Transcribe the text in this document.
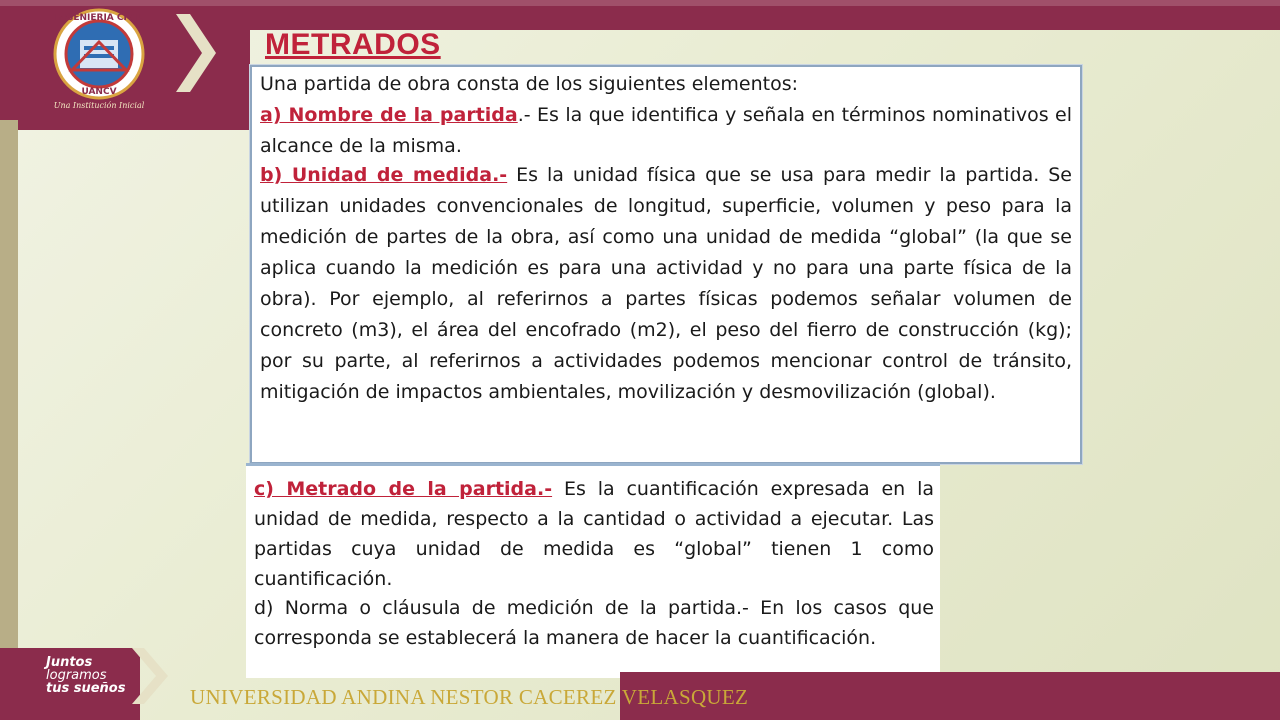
INGENIERIA CIVIL
UANCV
Una Institución Inicial
METRADOS
Una partida de obra consta de los siguientes elementos:
a) Nombre de la partida.- Es la que identifica y señala en términos nominativos el alcance de la misma.
b) Unidad de medida.- Es la unidad física que se usa para medir la partida. Se utilizan unidades convencionales de longitud, superficie, volumen y peso para la medición de partes de la obra, así como una unidad de medida “global” (la que se aplica cuando la medición es para una actividad y no para una parte física de la obra). Por ejemplo, al referirnos a partes físicas podemos señalar volumen de concreto (m3), el área del encofrado (m2), el peso del fierro de construcción (kg); por su parte, al referirnos a actividades podemos mencionar control de tránsito, mitigación de impactos ambientales, movilización y desmovilización (global).
c) Metrado de la partida.- Es la cuantificación expresada en la unidad de medida, respecto a la cantidad o actividad a ejecutar. Las partidas cuya unidad de medida es “global” tienen 1 como cuantificación.
d) Norma o cláusula de medición de la partida.- En los casos que corresponda se establecerá la manera de hacer la cuantificación.
Juntos
logramos
tus sueños	UNIVERSIDAD ANDINA NESTOR CACEREZ VELASQUEZ
